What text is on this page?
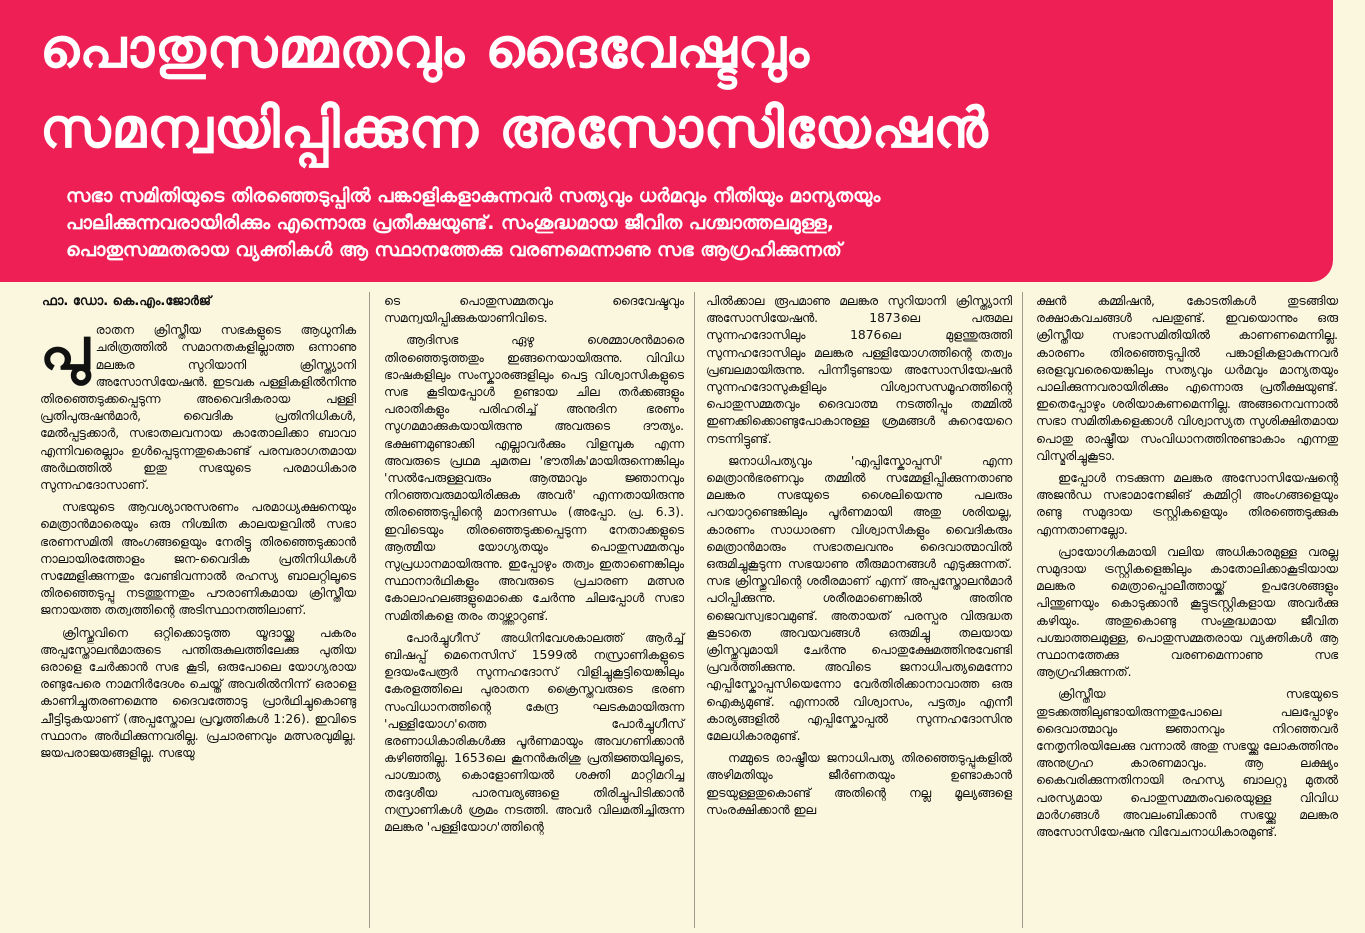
പൊതുസമ്മതവും ദൈവേഷ്ടവും
സമന്വയിപ്പിക്കുന്ന അസോസിയേഷൻ

സഭാ സമിതിയുടെ തിരഞ്ഞെടുപ്പിൽ പങ്കാളികളാകുന്നവർ സത്യവും ധർമവും നീതിയും മാന്യതയും
പാലിക്കുന്നവരായിരിക്കും എന്നൊരു പ്രതീക്ഷയുണ്ട്. സംശുദ്ധമായ ജീവിത പശ്ചാത്തലമുള്ള,
പൊതുസമ്മതരായ വ്യക്തികൾ ആ സ്ഥാനത്തേക്കു വരണമെന്നാണു സഭ ആഗ്രഹിക്കുന്നത്

ഫാ. ഡോ. കെ.എം.ജോർജ്

പുരാതന ക്രിസ്തീയ സഭകളുടെ ആധുനിക ചരിത്രത്തിൽ സമാനതകളില്ലാത്ത ഒന്നാണു മലങ്കര സുറിയാനി ക്രിസ്ത്യാനി അസോസിയേഷൻ. ഇടവക പള്ളികളിൽനിന്നു തിരഞ്ഞെടുക്കപ്പെടുന്ന അവൈദികരായ പള്ളി പ്രതിപുരുഷൻമാർ, വൈദിക പ്രതിനിധികൾ, മേൽപ്പട്ടക്കാർ, സഭാതലവനായ കാതോലിക്കാ ബാവാ എന്നിവരെല്ലാം ഉൾപ്പെടുന്നതുകൊണ്ട് പരമ്പരാഗതമായ അർഥത്തിൽ ഇതു സഭയുടെ പരമാധികാര സുന്നഹദോസാണ്.

സഭയുടെ ആവശ്യാനുസരണം പരമാധ്യക്ഷനെയും മെത്രാൻമാരെയും ഒരു നിശ്ചിത കാലയളവിൽ സഭാ ഭരണസമിതി അംഗങ്ങളെയും നേരിട്ടു തിരഞ്ഞെടുക്കാൻ നാലായിരത്തോളം ജന-വൈദിക പ്രതിനിധികൾ സമ്മേളിക്കുന്നതും വേണ്ടിവന്നാൽ രഹസ്യ ബാലറ്റിലൂടെ തിരഞ്ഞെടുപ്പു നടത്തുന്നതും പൗരാണികമായ ക്രിസ്തീയ ജനായത്ത തത്വത്തിന്റെ അടിസ്ഥാനത്തിലാണ്.

ക്രിസ്തുവിനെ ഒറ്റിക്കൊടുത്ത യൂദായ്ക്കു പകരം അപ്പസ്തോലൻമാരുടെ പന്തിരുകുലത്തിലേക്കു പുതിയ ഒരാളെ ചേർക്കാൻ സഭ കൂടി, ഒരുപോലെ യോഗ്യരായ രണ്ടുപേരെ നാമനിർദേശം ചെയ്ത് അവരിൽനിന്ന് ഒരാളെ കാണിച്ചുതരണമെന്നു ദൈവത്തോടു പ്രാർഥിച്ചുകൊണ്ടു ചീട്ടിടുകയാണ് (അപ്പസ്തോല പ്രവൃത്തികൾ 1:26). ഇവിടെ സ്ഥാനം അർഥിക്കുന്നവരില്ല. പ്രചാരണവും മത്സരവുമില്ല. ജയപരാജയങ്ങളില്ല. സഭയു

ടെ പൊതുസമ്മതവും ദൈവേഷ്ടവും സമന്വയിപ്പിക്കുകയാണിവിടെ.

ആദിസഭ ഏഴു ശെമ്മാശൻമാരെ തിരഞ്ഞെടുത്തതും ഇങ്ങനെയായിരുന്നു. വിവിധ ഭാഷകളിലും സംസ്കാരങ്ങളിലും പെട്ട വിശ്വാസികളുടെ സഭ കൂടിയപ്പോൾ ഉണ്ടായ ചില തർക്കങ്ങളും പരാതികളും പരിഹരിച്ച് അനുദിന ഭരണം സുഗമമാക്കുകയായിരുന്നു അവരുടെ ദൗത്യം. ഭക്ഷണമുണ്ടാക്കി എല്ലാവർക്കും വിളമ്പുക എന്ന അവരുടെ പ്രഥമ ചുമതല 'ഭൗതിക'മായിരുന്നെങ്കിലും 'സൽപേരുള്ളവരും ആത്മാവും ജ്ഞാനവും നിറഞ്ഞവരുമായിരിക്കുക അവർ' എന്നതായിരുന്നു തിരഞ്ഞെടുപ്പിന്റെ മാനദണ്ഡം (അപ്പോ. പ്ര. 6.3). ഇവിടെയും തിരഞ്ഞെടുക്കപ്പെടുന്ന നേതാക്കളുടെ ആത്മീയ യോഗ്യതയും പൊതുസമ്മതവും സുപ്രധാനമായിരുന്നു. ഇപ്പോഴും തത്വം ഇതാണെങ്കിലും സ്ഥാനാർഥികളും അവരുടെ പ്രചാരണ മത്സര കോലാഹലങ്ങളുമൊക്കെ ചേർന്നു ചിലപ്പോൾ സഭാ സമിതികളെ തരം താഴ്ത്താറുണ്ട്.

പോർച്ചുഗീസ് അധിനിവേശകാലത്ത് ആർച്ച് ബിഷപ്പ് മെനെസിസ് 1599ൽ നസ്രാണികളുടെ ഉദയംപേരൂർ സുന്നഹദോസ് വിളിച്ചുകൂട്ടിയെങ്കിലും കേരളത്തിലെ പുരാതന ക്രൈസ്തവരുടെ ഭരണ സംവിധാനത്തിന്റെ കേന്ദ്ര ഘടകമായിരുന്ന 'പള്ളിയോഗ'ത്തെ പോർച്ചുഗീസ് ഭരണാധികാരികൾക്കു പൂർണമായും അവഗണിക്കാൻ കഴിഞ്ഞില്ല. 1653ലെ കൂനൻകുരിശു പ്രതിജ്ഞയിലൂടെ, പാശ്ചാത്യ കൊളോണിയൽ ശക്തി മാറ്റിമറിച്ച തദ്ദേശീയ പാരമ്പര്യങ്ങളെ തിരിച്ചുപിടിക്കാൻ നസ്രാണികൾ ശ്രമം നടത്തി. അവർ വിലമതിച്ചിരുന്ന മലങ്കര 'പള്ളിയോഗ'ത്തിന്റെ

പിൽക്കാല രൂപമാണു മലങ്കര സുറിയാനി ക്രിസ്ത്യാനി അസോസിയേഷൻ. 1873ലെ പരുമല സുന്നഹദോസിലും 1876ലെ മുളന്തുരുത്തി സുന്നഹദോസിലും മലങ്കര പള്ളിയോഗത്തിന്റെ തത്വം പ്രബലമായിരുന്നു. പിന്നീടുണ്ടായ അസോസിയേഷൻ സുന്നഹദോസുകളിലും വിശ്വാസസമൂഹത്തിന്റെ പൊതുസമ്മതവും ദൈവാത്മ നടത്തിപ്പും തമ്മിൽ ഇണക്കിക്കൊണ്ടുപോകാനുള്ള ശ്രമങ്ങൾ കുറെയേറെ നടന്നിട്ടുണ്ട്.

ജനാധിപത്യവും 'എപ്പിസ്കോപ്പസി' എന്ന മെത്രാൻഭരണവും തമ്മിൽ സമ്മേളിപ്പിക്കുന്നതാണു മലങ്കര സഭയുടെ ശൈലിയെന്നു പലരും പറയാറുണ്ടെങ്കിലും പൂർണമായി അതു ശരിയല്ല, കാരണം സാധാരണ വിശ്വാസികളും വൈദികരും മെത്രാൻമാരും സഭാതലവനും ദൈവാത്മാവിൽ ഒരുമിച്ചുകൂടുന്ന സഭയാണു തീരുമാനങ്ങൾ എടുക്കുന്നത്. സഭ ക്രിസ്തുവിന്റെ ശരീരമാണ് എന്ന് അപ്പസ്തോലൻമാർ പഠിപ്പിക്കുന്നു. ശരീരമാണെങ്കിൽ അതിനു ജൈവസ്വഭാവമുണ്ട്. അതായത് പരസ്പര വിരുദ്ധത കൂടാതെ അവയവങ്ങൾ ഒരുമിച്ചു തലയായ ക്രിസ്തുവുമായി ചേർന്നു പൊതുക്ഷേമത്തിനുവേണ്ടി പ്രവർത്തിക്കുന്നു. അവിടെ ജനാധിപത്യമെന്നോ എപ്പിസ്കോപ്പസിയെന്നോ വേർതിരിക്കാനാവാത്ത ഒരു ഐക്യമുണ്ട്. എന്നാൽ വിശ്വാസം, പട്ടത്വം എന്നീ കാര്യങ്ങളിൽ എപ്പിസ്കോപ്പൽ സുന്നഹദോസിനു മേലധികാരമുണ്ട്.

നമ്മുടെ രാഷ്ട്രീയ ജനാധിപത്യ തിരഞ്ഞെടുപ്പുകളിൽ അഴിമതിയും ജീർണതയും ഉണ്ടാകാൻ ഇടയുള്ളതുകൊണ്ട് അതിന്റെ നല്ല മൂല്യങ്ങളെ സംരക്ഷിക്കാൻ ഇല

ക്ഷൻ കമ്മിഷൻ, കോടതികൾ തുടങ്ങിയ രക്ഷാകവചങ്ങൾ പലതുണ്ട്. ഇവയൊന്നും ഒരു ക്രിസ്തീയ സഭാസമിതിയിൽ കാണണമെന്നില്ല. കാരണം തിരഞ്ഞെടുപ്പിൽ പങ്കാളികളാകുന്നവർ ഒരളവുവരെയെങ്കിലും സത്യവും ധർമവും മാന്യതയും പാലിക്കുന്നവരായിരിക്കും എന്നൊരു പ്രതീക്ഷയുണ്ട്. ഇതെപ്പോഴും ശരിയാകണമെന്നില്ല. അങ്ങനെവന്നാൽ സഭാ സമിതികളെക്കാൾ വിശ്വാസ്യത സുശിക്ഷിതമായ പൊതു രാഷ്ട്രീയ സംവിധാനത്തിനുണ്ടാകാം എന്നതു വിസ്മരിച്ചുകൂടാ.

ഇപ്പോൾ നടക്കുന്ന മലങ്കര അസോസിയേഷന്റെ അജൻഡ സഭാമാനേജിങ് കമ്മിറ്റി അംഗങ്ങളെയും രണ്ടു സമുദായ ട്രസ്റ്റികളെയും തിരഞ്ഞെടുക്കുക എന്നതാണല്ലോ.

പ്രായോഗികമായി വലിയ അധികാരമുള്ള വരല്ല സമുദായ ട്രസ്റ്റികളെങ്കിലും കാതോലിക്കാകൂടിയായ മലങ്കര മെത്രാപ്പൊലീത്തായ്ക്ക് ഉപദേശങ്ങളും പിന്തുണയും കൊടുക്കാൻ കൂട്ടുട്രസ്റ്റികളായ അവർക്കു കഴിയും. അതുകൊണ്ടു സംശുദ്ധമായ ജീവിത പശ്ചാത്തലമുള്ള, പൊതുസമ്മതരായ വ്യക്തികൾ ആ സ്ഥാനത്തേക്കു വരണമെന്നാണു സഭ ആഗ്രഹിക്കുന്നത്.

ക്രിസ്തീയ സഭയുടെ തുടക്കത്തിലുണ്ടായിരുന്നതുപോലെ പലപ്പോഴും ദൈവാത്മാവും ജ്ഞാനവും നിറഞ്ഞവർ നേതൃനിരയിലേക്കു വന്നാൽ അതു സഭയ്ക്കു ലോകത്തിനും അനുഗ്രഹ കാരണമാവും. ആ ലക്ഷ്യം കൈവരിക്കുന്നതിനായി രഹസ്യ ബാലറ്റു മുതൽ പരസ്യമായ പൊതുസമ്മതംവരെയുള്ള വിവിധ മാർഗങ്ങൾ അവലംബിക്കാൻ സഭയ്ക്കു മലങ്കര അസോസിയേഷനു വിവേചനാധികാരമുണ്ട്.
